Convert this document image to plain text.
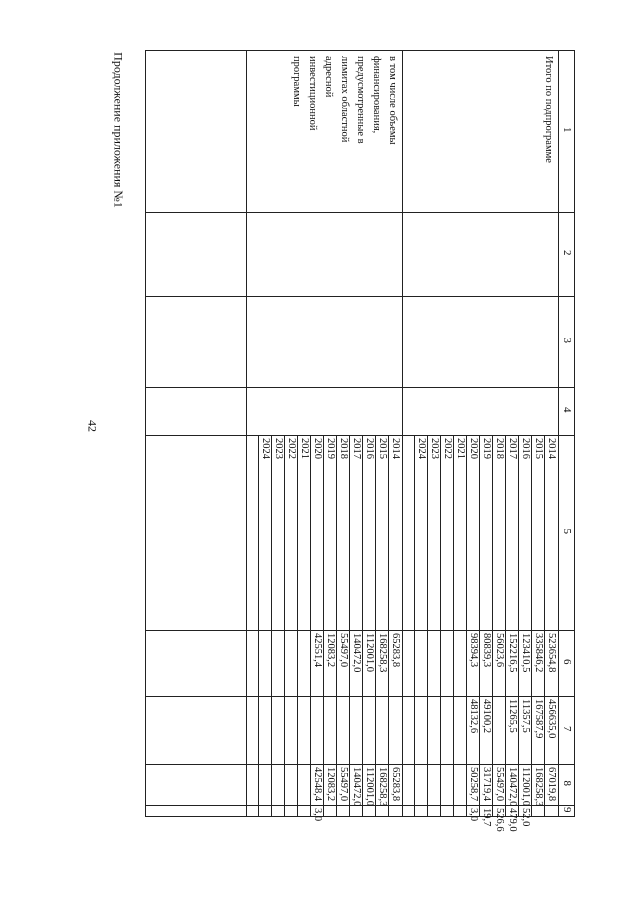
42
Продолжение приложения №1	1
2
3
4
5
6
7
8
9
Итого по подпрограмме
2014
523654,8
456635,0
67019,8
2015
335846,2
167587,9
168258,3
2016
123410,5
11357,5
112001,0
52,0
2017
152216,5
11265,5
140472,0
479,0
2018
56023,6
55497,0
526,6
2019
80839,3
49100,2
31719,4
19,7
2020
98394,3
48132,6
50258,7
3,0
2021
2022
2023
2024
в том числе объемы
финансирования,
предусмотренные в
лимитах областной
адресной
инвестиционной
программы
2014
65283,8
65283,8
2015
168258,3
168258,3
2016
112001,0
112001,0
2017
140472,0
140472,0
2018
55497,0
55497,0
2019
12083,2
12083,2
2020
42551,4
42548,4
3,0
2021
2022
2023
2024
